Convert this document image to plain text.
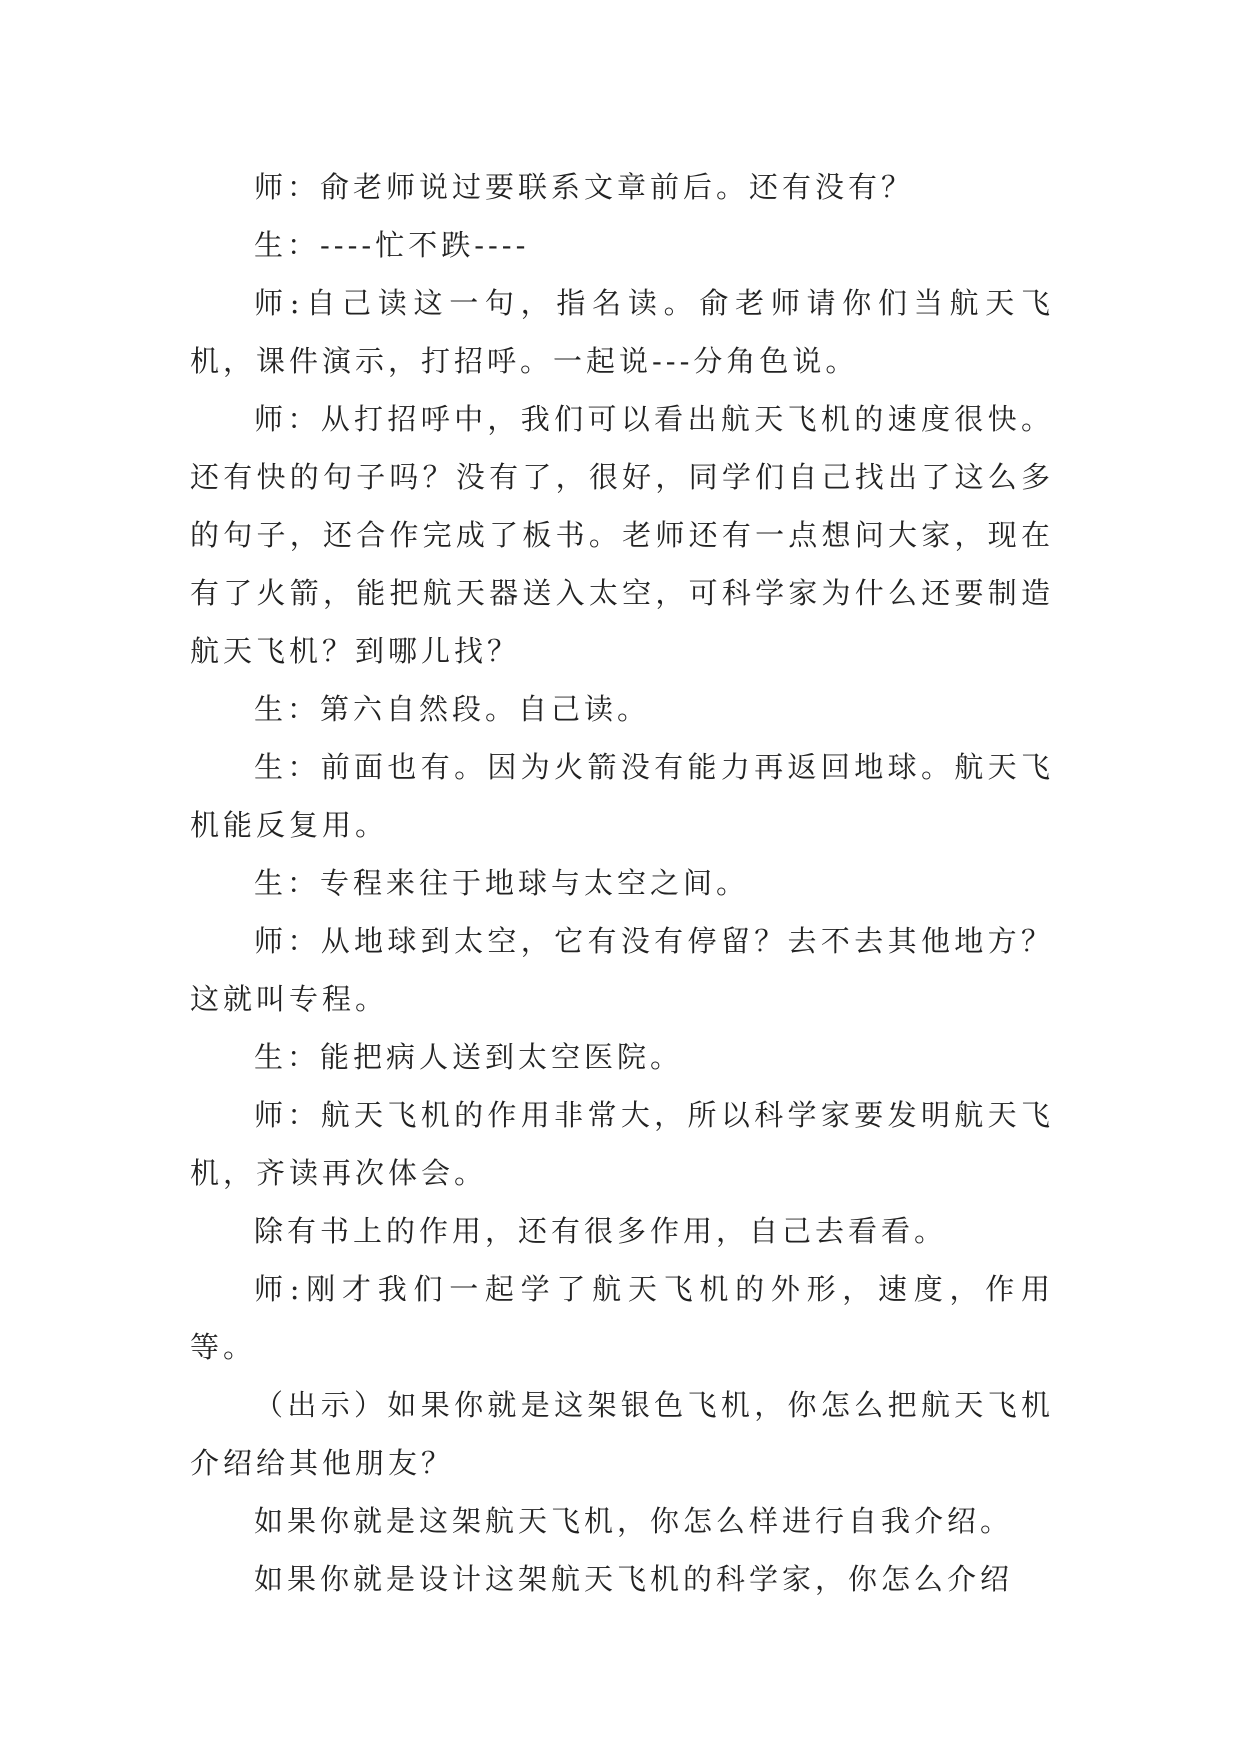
师：俞老师说过要联系文章前后。还有没有？

生：----忙不跌----

师:自己读这一句，指名读。俞老师请你们当航天飞机，课件演示，打招呼。一起说---分角色说。

师：从打招呼中，我们可以看出航天飞机的速度很快。还有快的句子吗？没有了，很好，同学们自己找出了这么多的句子，还合作完成了板书。老师还有一点想问大家，现在有了火箭，能把航天器送入太空，可科学家为什么还要制造航天飞机？到哪儿找？

生：第六自然段。自己读。

生：前面也有。因为火箭没有能力再返回地球。航天飞机能反复用。

生：专程来往于地球与太空之间。

师：从地球到太空，它有没有停留？去不去其他地方？这就叫专程。

生：能把病人送到太空医院。

师：航天飞机的作用非常大，所以科学家要发明航天飞机，齐读再次体会。

除有书上的作用，还有很多作用，自己去看看。

师:刚才我们一起学了航天飞机的外形，速度，作用等。

（出示）如果你就是这架银色飞机，你怎么把航天飞机介绍给其他朋友？

如果你就是这架航天飞机，你怎么样进行自我介绍。

如果你就是设计这架航天飞机的科学家，你怎么介绍
